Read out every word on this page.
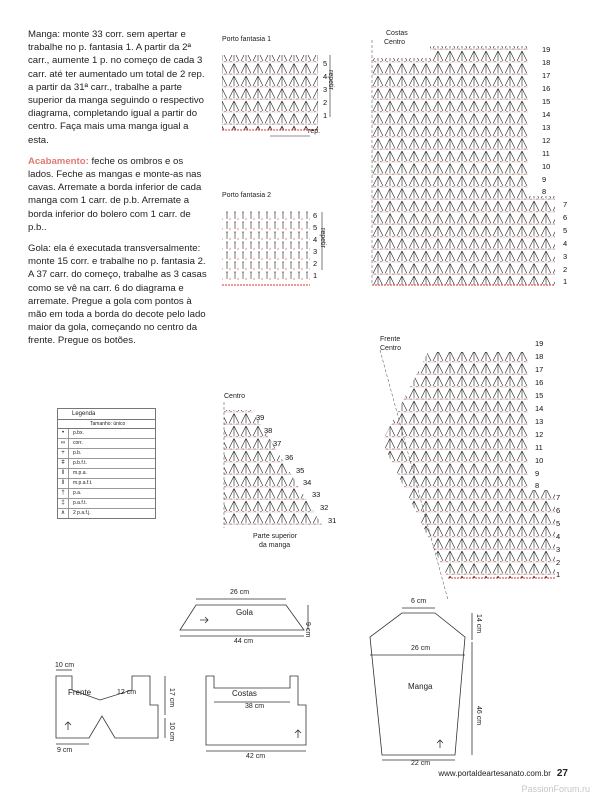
Manga: monte 33 corr. sem apertar e trabalhe no p. fantasia 1. A partir da 2ª carr., aumente 1 p. no começo de cada 3 carr. até ter aumentado um total de 2 rep. a partir da 31ª carr., trabalhe a parte superior da manga seguindo o respectivo diagrama, completando igual a partir do centro. Faça mais uma manga igual a esta.

Acabamento: feche os ombros e os lados. Feche as mangas e monte-as nas cavas. Arremate a borda inferior de cada manga com 1 carr. de p.b. Arremate a borda inferior do bolero com 1 carr. de p.b..

Gola: ela é executada transversalmente: monte 15 corr. e trabalhe no p. fantasia 2. A 37 carr. do começo, trabalhe as 3 casas como se vê na carr. 6 do diagrama e arremate. Pregue a gola com pontos à mão em toda a borda do decote pelo lado maior da gola, começando no centro da frente. Pregue os botões.

Porto fantasia 1
repetir
rep.
5
4
3
2
1
Porto fantasia 2
repetir
6
5
4
3
2
1
Costas
Centro
19
18
17
16
15
14
13
12
11
10
9
8
7
6
5
4
3
2
1
Frente
Centro
19
18
17
16
15
14
13
12
11
10
9
8
7
6
5
4
3
2
1
Centro
39
38
37
36
35
34
33
32
31
Parte superior
da manga
Legenda
Tamanho: único
•	p.bx.
∞	corr.
+	p.b.
ǂ	p.b.f.t.
‖	m.p.a.
‖	m.p.a.f.t.
†	p.a.
‡	p.a.f.t.
∧	2 p.a.f.j.
26 cm
Gola
9 cm
44 cm
10 cm
Frente	12 cm	17 cm
10 cm
9 cm
Costas
38 cm
42 cm
6 cm
26 cm
Manga
14 cm
46 cm
22 cm
www.portaldeartesanato.com.br 27
PassionForum.ru
